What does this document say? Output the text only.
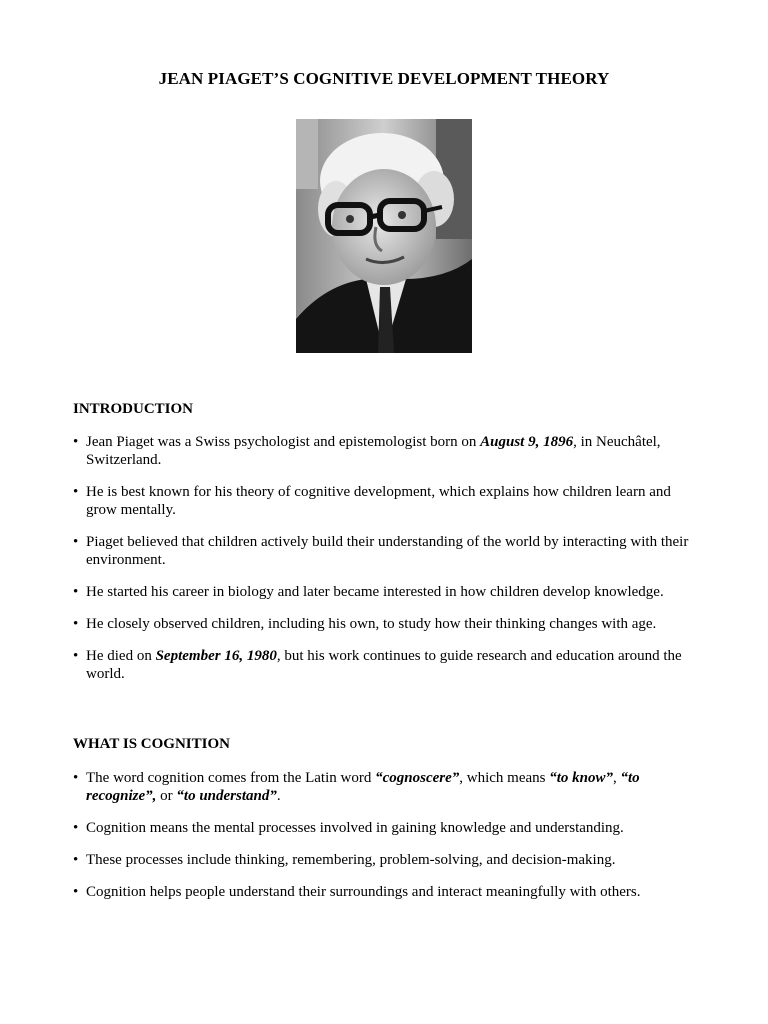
JEAN PIAGET’S COGNITIVE DEVELOPMENT THEORY
INTRODUCTION
• Jean Piaget was a Swiss psychologist and epistemologist born on August 9, 1896, in Neuchâtel, Switzerland.
• He is best known for his theory of cognitive development, which explains how children learn and grow mentally.
• Piaget believed that children actively build their understanding of the world by interacting with their environment.
• He started his career in biology and later became interested in how children develop knowledge.
• He closely observed children, including his own, to study how their thinking changes with age.
• He died on September 16, 1980, but his work continues to guide research and education around the world.
WHAT IS COGNITION
• The word cognition comes from the Latin word “cognoscere”, which means “to know”, “to recognize”, or “to understand”.
• Cognition means the mental processes involved in gaining knowledge and understanding.
• These processes include thinking, remembering, problem-solving, and decision-making.
• Cognition helps people understand their surroundings and interact meaningfully with others.
